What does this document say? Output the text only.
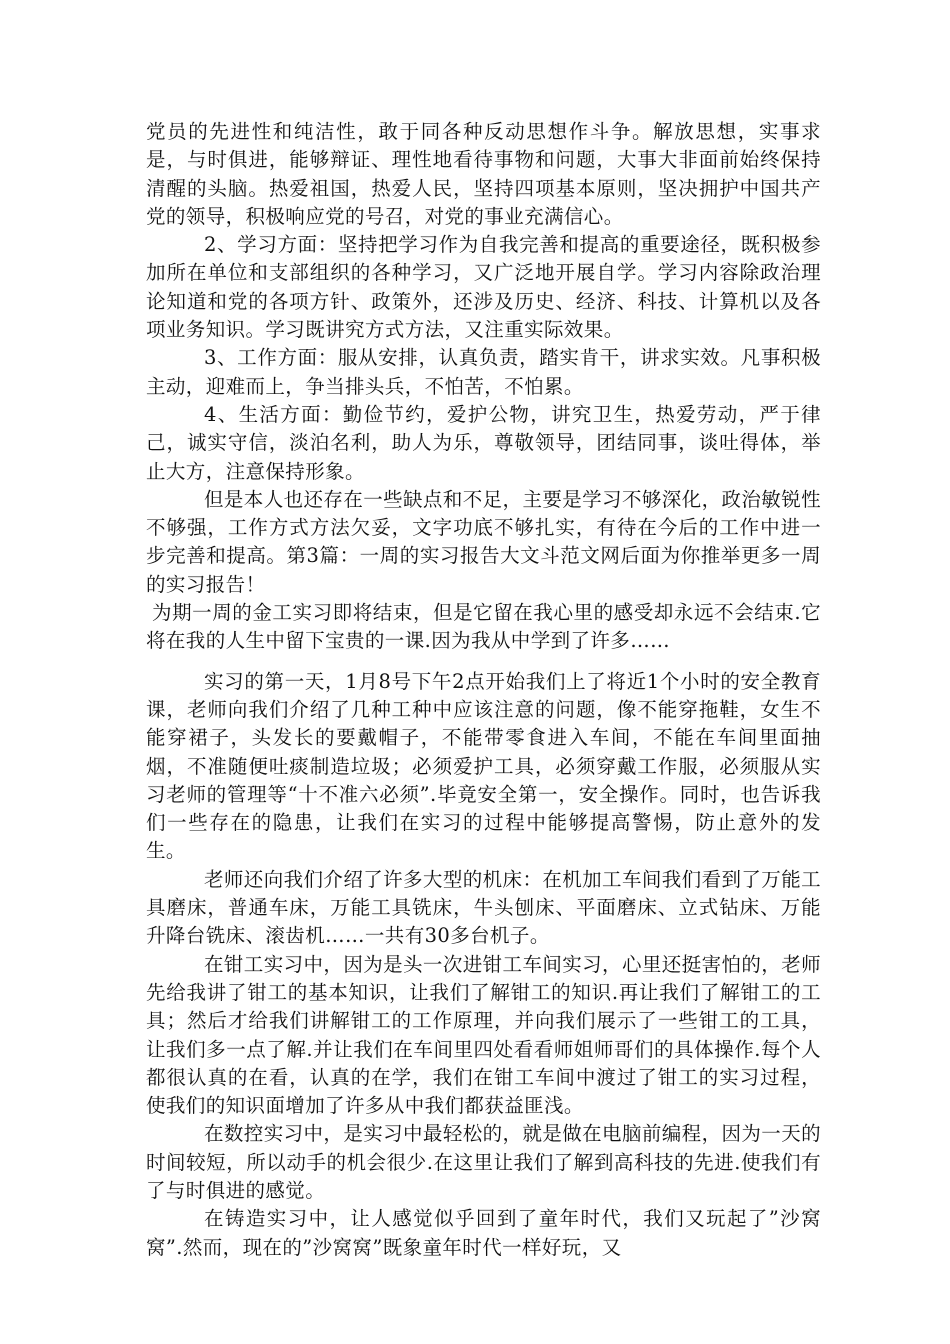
党员的先进性和纯洁性，敢于同各种反动思想作斗争。解放思想，实事求是，与时俱进，能够辩证、理性地看待事物和问题，大事大非面前始终保持清醒的头脑。热爱祖国，热爱人民，坚持四项基本原则，坚决拥护中国共产党的领导，积极响应党的号召，对党的事业充满信心。

2、学习方面：坚持把学习作为自我完善和提高的重要途径，既积极参加所在单位和支部组织的各种学习，又广泛地开展自学。学习内容除政治理论知道和党的各项方针、政策外，还涉及历史、经济、科技、计算机以及各项业务知识。学习既讲究方式方法，又注重实际效果。

3、工作方面：服从安排，认真负责，踏实肯干，讲求实效。凡事积极主动，迎难而上，争当排头兵，不怕苦，不怕累。

4、生活方面：勤俭节约，爱护公物，讲究卫生，热爱劳动，严于律己，诚实守信，淡泊名利，助人为乐，尊敬领导，团结同事，谈吐得体，举止大方，注意保持形象。

但是本人也还存在一些缺点和不足，主要是学习不够深化，政治敏锐性不够强，工作方式方法欠妥，文字功底不够扎实，有待在今后的工作中进一步完善和提高。第3篇：一周的实习报告大文斗范文网后面为你推举更多一周的实习报告！

为期一周的金工实习即将结束，但是它留在我心里的感受却永远不会结束.它将在我的人生中留下宝贵的一课.因为我从中学到了许多……

实习的第一天，1月8号下午2点开始我们上了将近1个小时的安全教育课，老师向我们介绍了几种工种中应该注意的问题，像不能穿拖鞋，女生不能穿裙子，头发长的要戴帽子，不能带零食进入车间，不能在车间里面抽烟，不准随便吐痰制造垃圾；必须爱护工具，必须穿戴工作服，必须服从实习老师的管理等“十不准六必须”.毕竟安全第一，安全操作。同时，也告诉我们一些存在的隐患，让我们在实习的过程中能够提高警惕，防止意外的发生。

老师还向我们介绍了许多大型的机床：在机加工车间我们看到了万能工具磨床，普通车床，万能工具铣床，牛头刨床、平面磨床、立式钻床、万能升降台铣床、滚齿机……一共有30多台机子。

在钳工实习中，因为是头一次进钳工车间实习，心里还挺害怕的，老师先给我讲了钳工的基本知识，让我们了解钳工的知识.再让我们了解钳工的工具；然后才给我们讲解钳工的工作原理，并向我们展示了一些钳工的工具，让我们多一点了解.并让我们在车间里四处看看师姐师哥们的具体操作.每个人都很认真的在看，认真的在学，我们在钳工车间中渡过了钳工的实习过程，使我们的知识面增加了许多从中我们都获益匪浅。

在数控实习中，是实习中最轻松的，就是做在电脑前编程，因为一天的时间较短，所以动手的机会很少.在这里让我们了解到高科技的先进.使我们有了与时俱进的感觉。

在铸造实习中，让人感觉似乎回到了童年时代，我们又玩起了”沙窝窝”.然而，现在的”沙窝窝”既象童年时代一样好玩，又
